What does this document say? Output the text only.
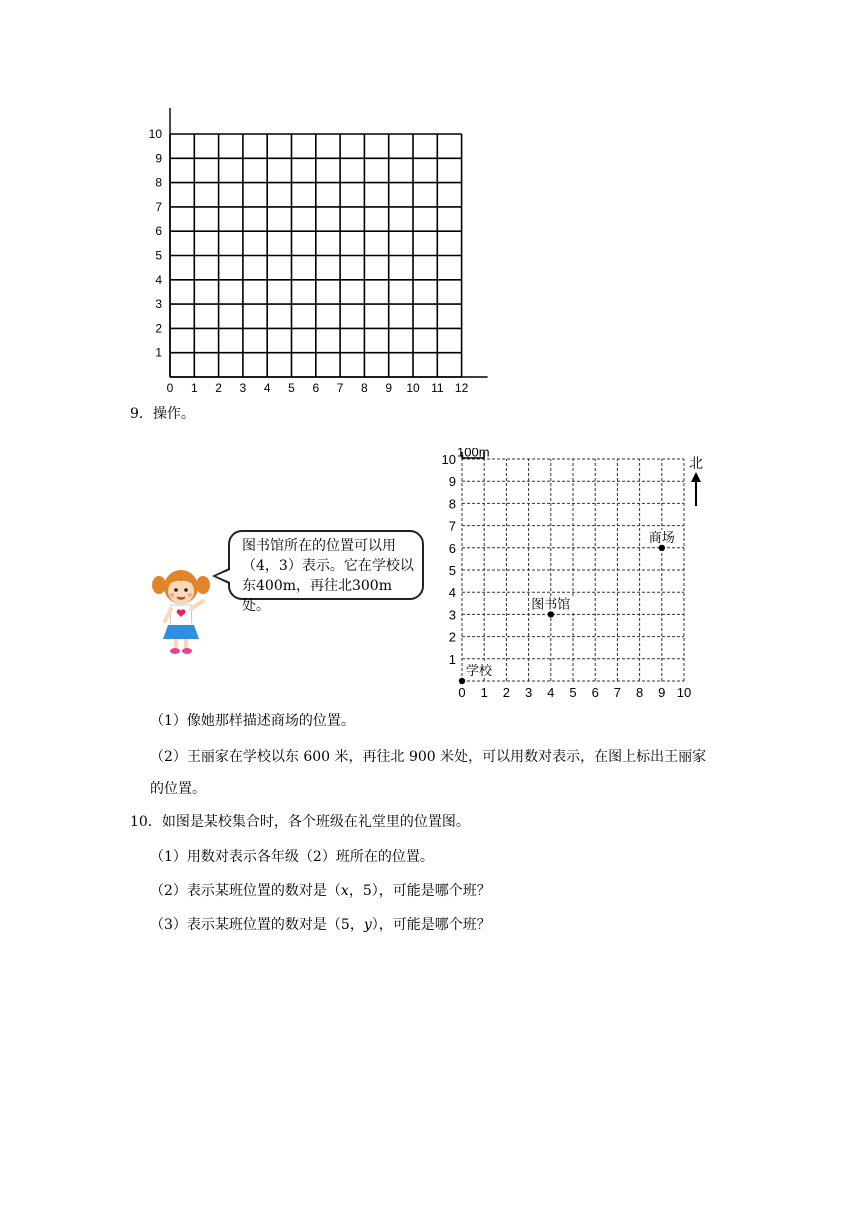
0 1 2 3 4 5 6 7 8 9 10 11 12
1
2
3
4
5
6
7
8
9
10
9．操作。
图书馆所在的位置可以用
（4，3）表示。它在学校以
东400m，再往北300m处。
0 1 2 3 4 5 6 7 8 9 10
1
2
3
4
5
6
7
8
9
10 100m
北
学校
图书馆
商场
（1）像她那样描述商场的位置。
（2）王丽家在学校以东 600 米，再往北 900 米处，可以用数对表示，在图上标出王丽家
的位置。
10．如图是某校集合时，各个班级在礼堂里的位置图。
（1）用数对表示各年级（2）班所在的位置。
（2）表示某班位置的数对是（x，5），可能是哪个班？
（3）表示某班位置的数对是（5，y），可能是哪个班？
